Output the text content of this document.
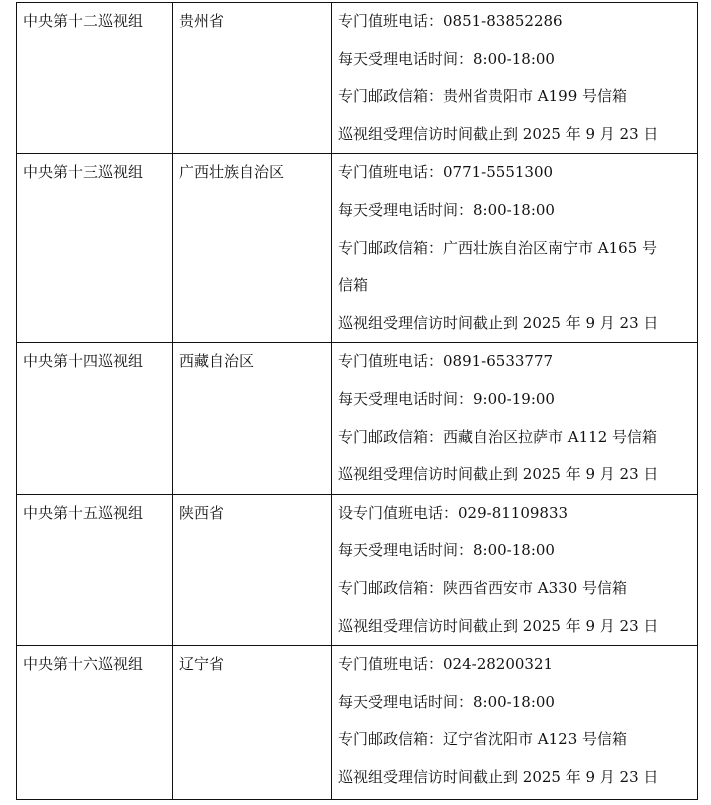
中央第十二巡视组	贵州省	专门值班电话：0851-83852286
每天受理电话时间：8:00-18:00
专门邮政信箱：贵州省贵阳市 A199 号信箱
巡视组受理信访时间截止到 2025 年 9 月 23 日

中央第十三巡视组	广西壮族自治区	专门值班电话：0771-5551300
每天受理电话时间：8:00-18:00
专门邮政信箱：广西壮族自治区南宁市 A165 号
信箱
巡视组受理信访时间截止到 2025 年 9 月 23 日

中央第十四巡视组	西藏自治区	专门值班电话：0891-6533777
每天受理电话时间：9:00-19:00
专门邮政信箱：西藏自治区拉萨市 A112 号信箱
巡视组受理信访时间截止到 2025 年 9 月 23 日

中央第十五巡视组	陕西省	设专门值班电话：029-81109833
每天受理电话时间：8:00-18:00
专门邮政信箱：陕西省西安市 A330 号信箱
巡视组受理信访时间截止到 2025 年 9 月 23 日

中央第十六巡视组	辽宁省	专门值班电话：024-28200321
每天受理电话时间：8:00-18:00
专门邮政信箱：辽宁省沈阳市 A123 号信箱
巡视组受理信访时间截止到 2025 年 9 月 23 日
